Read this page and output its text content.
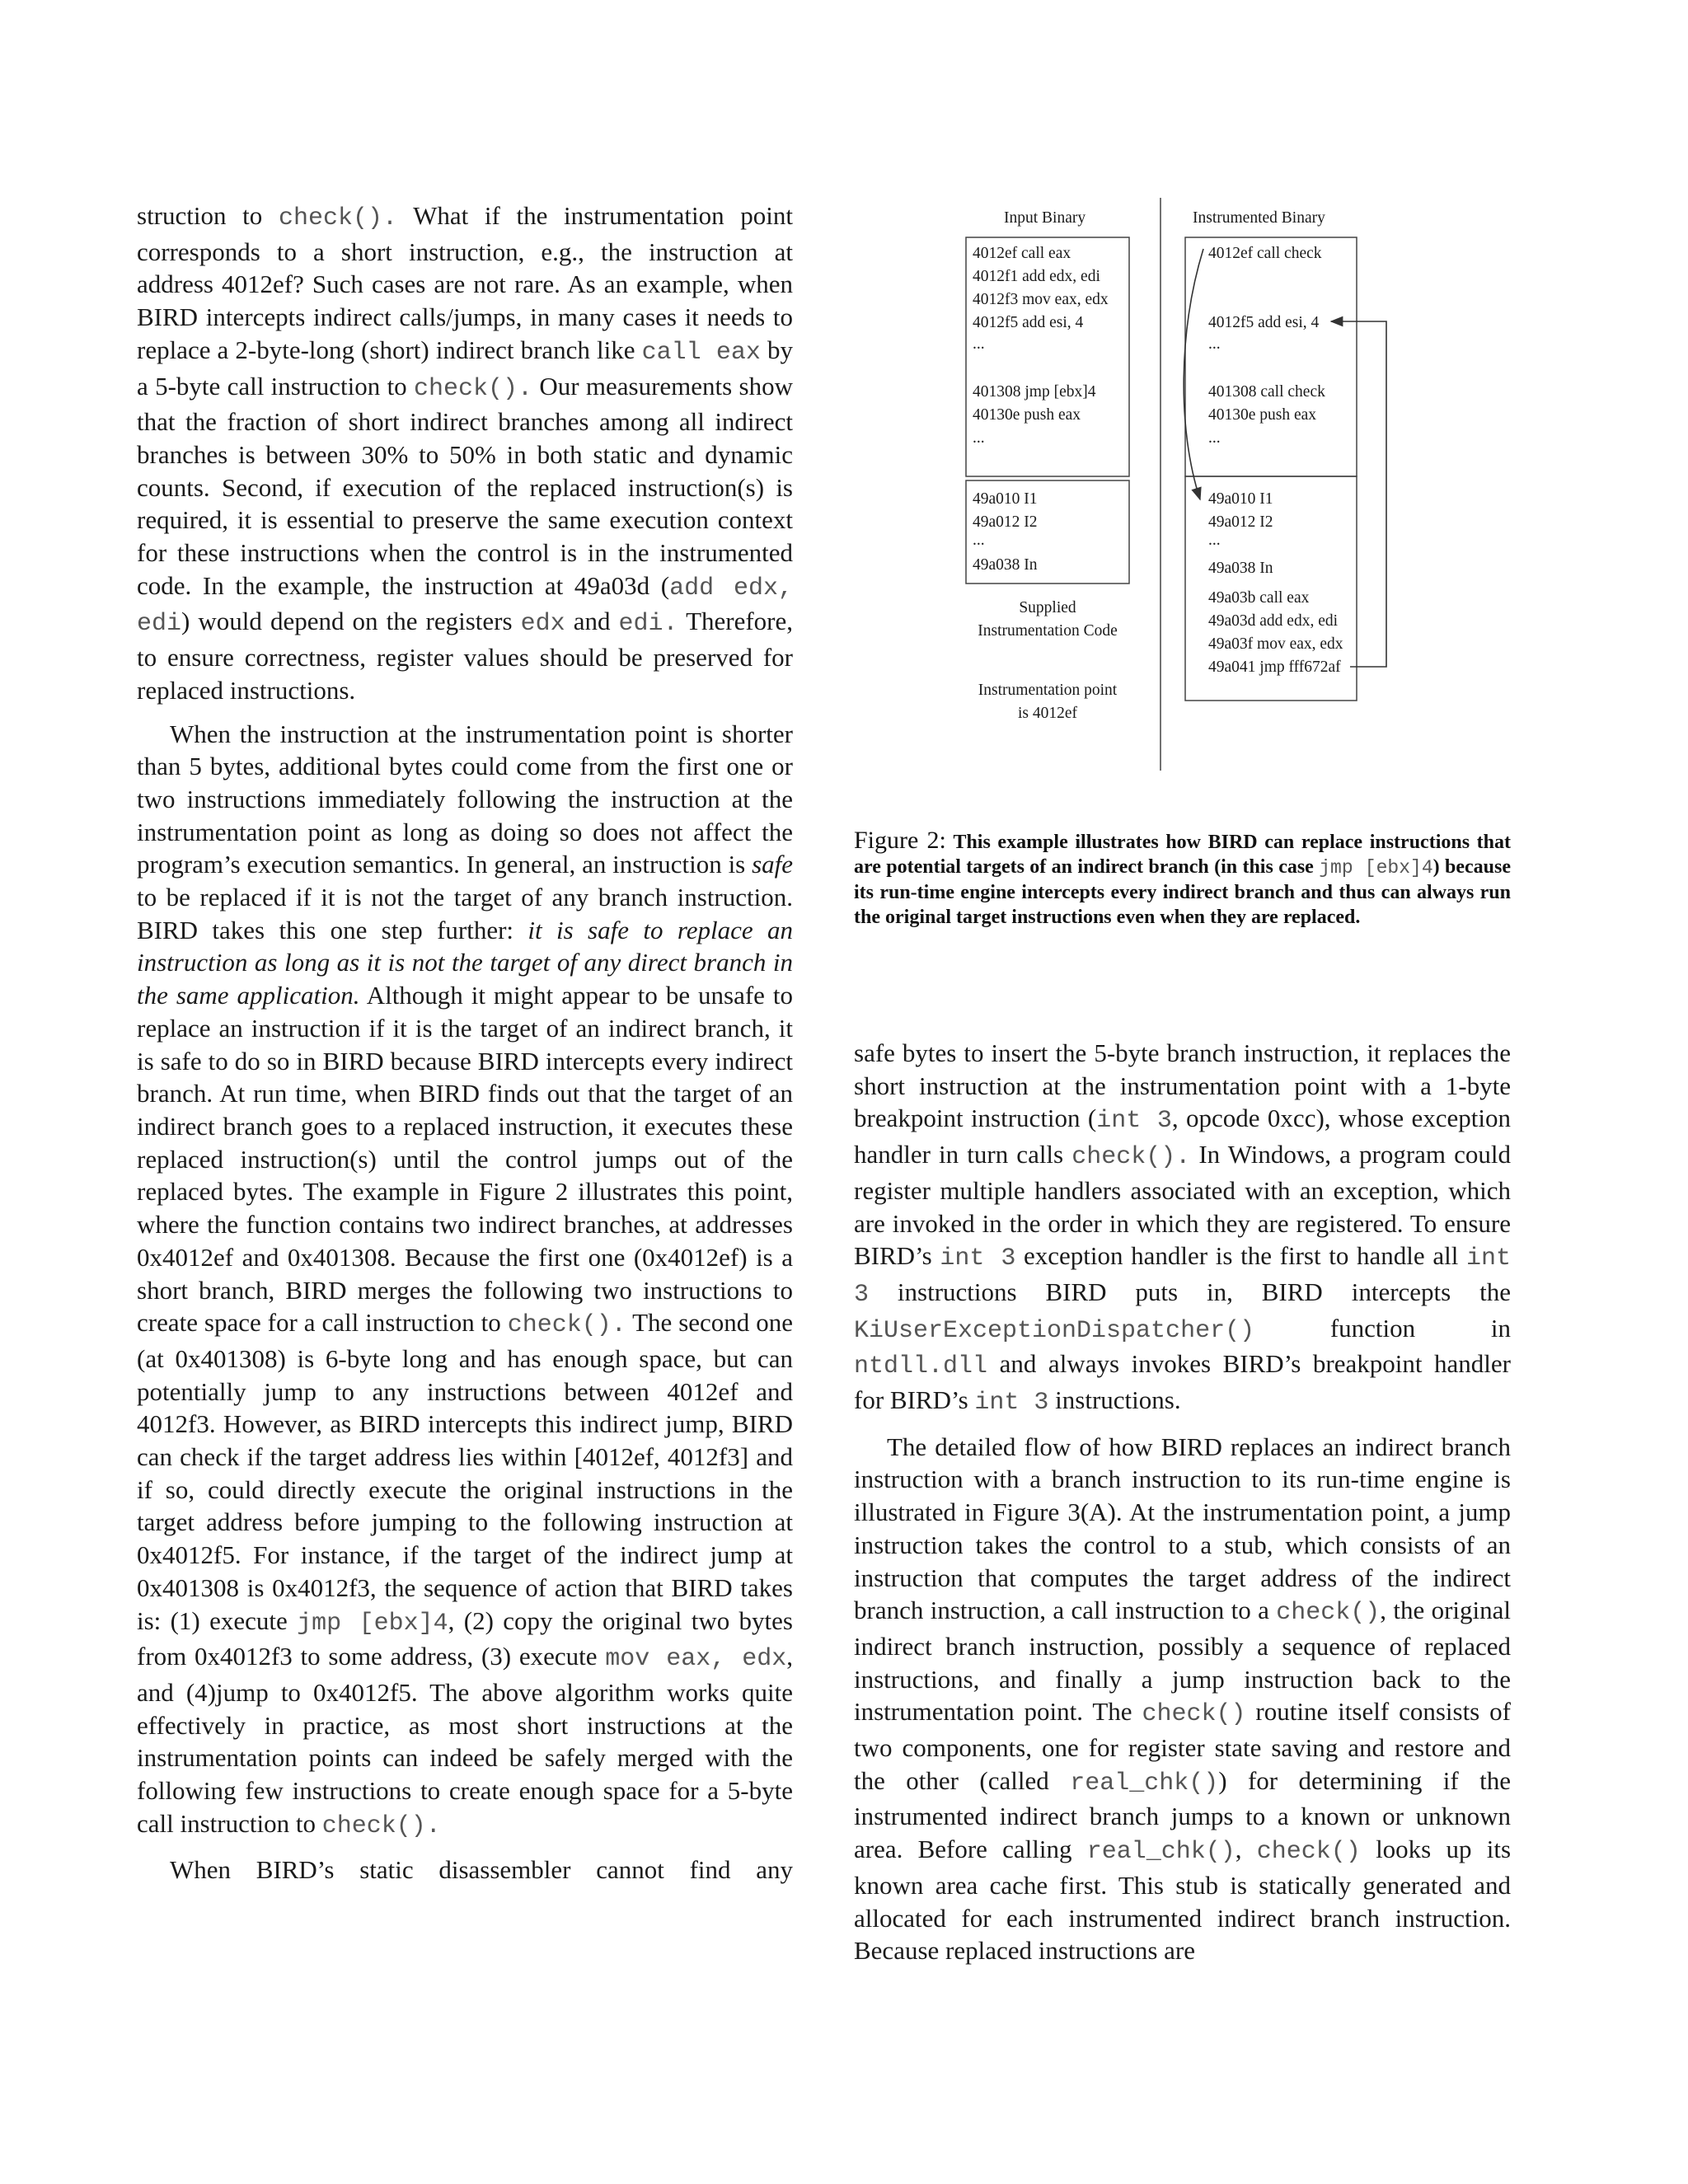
struction to check(). What if the instrumentation point corresponds to a short instruction, e.g., the instruction at address 4012ef? Such cases are not rare. As an example, when BIRD intercepts indirect calls/jumps, in many cases it needs to replace a 2-byte-long (short) indirect branch like call eax by a 5-byte call instruction to check(). Our measurements show that the fraction of short indirect branches among all indirect branches is between 30% to 50% in both static and dynamic counts. Second, if execution of the replaced instruction(s) is required, it is essential to preserve the same execution context for these instructions when the control is in the instrumented code. In the example, the instruction at 49a03d (add edx, edi) would depend on the registers edx and edi. Therefore, to ensure correctness, register values should be preserved for replaced instructions.

When the instruction at the instrumentation point is shorter than 5 bytes, additional bytes could come from the first one or two instructions immediately following the instruction at the instrumentation point as long as doing so does not affect the program’s execution semantics. In general, an instruction is safe to be replaced if it is not the target of any branch instruction. BIRD takes this one step further: it is safe to replace an instruction as long as it is not the target of any direct branch in the same application. Although it might appear to be unsafe to replace an instruction if it is the target of an indirect branch, it is safe to do so in BIRD because BIRD intercepts every indirect branch. At run time, when BIRD finds out that the target of an indirect branch goes to a replaced instruction, it executes these replaced instruction(s) until the control jumps out of the replaced bytes. The example in Figure 2 illustrates this point, where the function contains two indirect branches, at addresses 0x4012ef and 0x401308. Because the first one (0x4012ef) is a short branch, BIRD merges the following two instructions to create space for a call instruction to check(). The second one (at 0x401308) is 6-byte long and has enough space, but can potentially jump to any instructions between 4012ef and 4012f3. However, as BIRD intercepts this indirect jump, BIRD can check if the target address lies within [4012ef, 4012f3] and if so, could directly execute the original instructions in the target address before jumping to the following instruction at 0x4012f5. For instance, if the target of the indirect jump at 0x401308 is 0x4012f3, the sequence of action that BIRD takes is: (1) execute jmp [ebx]4, (2) copy the original two bytes from 0x4012f3 to some address, (3) execute mov eax, edx, and (4)jump to 0x4012f5. The above algorithm works quite effectively in practice, as most short instructions at the instrumentation points can indeed be safely merged with the following few instructions to create enough space for a 5-byte call instruction to check().

When BIRD’s static disassembler cannot find any

Input Binary	Instrumented Binary
4012ef call eax
4012f1 add edx, edi
4012f3 mov eax, edx
4012f5 add esi, 4
...
401308 jmp [ebx]4
40130e push eax
...
49a010 I1
49a012 I2
...
49a038 In
Supplied
Instrumentation Code
Instrumentation point
is 4012ef
4012ef call check
4012f5 add esi, 4
...
401308 call check
40130e push eax
...
49a010 I1
49a012 I2
...
49a038 In
49a03b call eax
49a03d add edx, edi
49a03f mov eax, edx
49a041 jmp fff672af
Figure 2: This example illustrates how BIRD can replace instructions that are potential targets of an indirect branch (in this case jmp [ebx]4) because its run-time engine intercepts every indirect branch and thus can always run the original target instructions even when they are replaced.

safe bytes to insert the 5-byte branch instruction, it replaces the short instruction at the instrumentation point with a 1-byte breakpoint instruction (int 3, opcode 0xcc), whose exception handler in turn calls check(). In Windows, a program could register multiple handlers associated with an exception, which are invoked in the order in which they are registered. To ensure BIRD’s int 3 exception handler is the first to handle all int 3 instructions BIRD puts in, BIRD intercepts the KiUserExceptionDispatcher() function in ntdll.dll and always invokes BIRD’s breakpoint handler for BIRD’s int 3 instructions.

The detailed flow of how BIRD replaces an indirect branch instruction with a branch instruction to its run-time engine is illustrated in Figure 3(A). At the instrumentation point, a jump instruction takes the control to a stub, which consists of an instruction that computes the target address of the indirect branch instruction, a call instruction to a check(), the original indirect branch instruction, possibly a sequence of replaced instructions, and finally a jump instruction back to the instrumentation point. The check() routine itself consists of two components, one for register state saving and restore and the other (called real_chk()) for determining if the instrumented indirect branch jumps to a known or unknown area. Before calling real_chk(), check() looks up its known area cache first. This stub is statically generated and allocated for each instrumented indirect branch instruction. Because replaced instructions are
